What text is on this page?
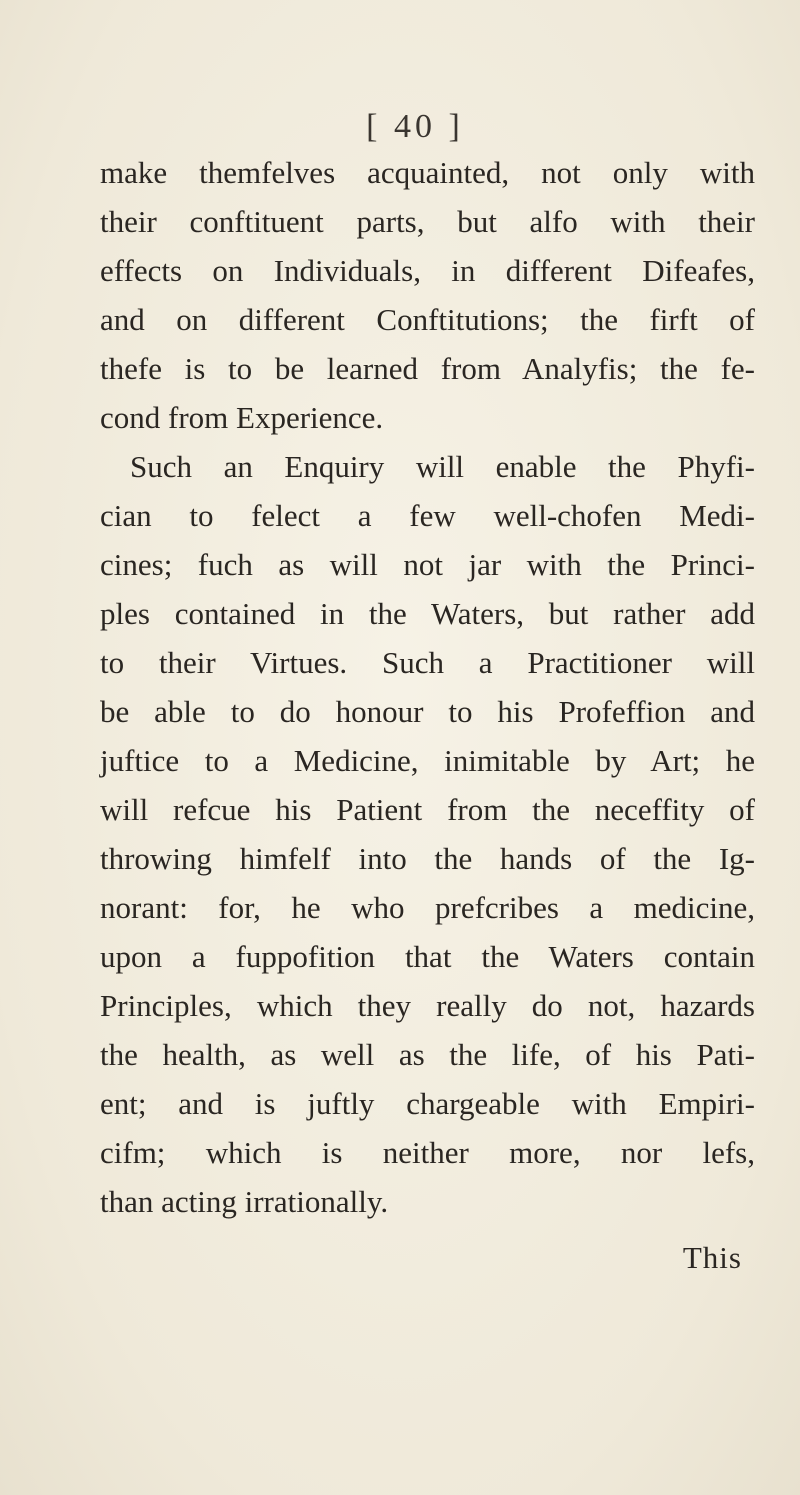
[ 40 ]
make themfelves acquainted, not only with
their conftituent parts, but alfo with their
effects on Individuals, in different Difeafes,
and on different Conftitutions; the firft of
thefe is to be learned from Analyfis; the fe-
cond from Experience.
Such an Enquiry will enable the Phyfi-
cian to felect a few well-chofen Medi-
cines; fuch as will not jar with the Princi-
ples contained in the Waters, but rather add
to their Virtues. Such a Practitioner will
be able to do honour to his Profeffion and
juftice to a Medicine, inimitable by Art; he
will refcue his Patient from the neceffity of
throwing himfelf into the hands of the Ig-
norant: for, he who prefcribes a medicine,
upon a fuppofition that the Waters contain
Principles, which they really do not, hazards
the health, as well as the life, of his Pati-
ent; and is juftly chargeable with Empiri-
cifm; which is neither more, nor lefs,
than acting irrationally.
This
